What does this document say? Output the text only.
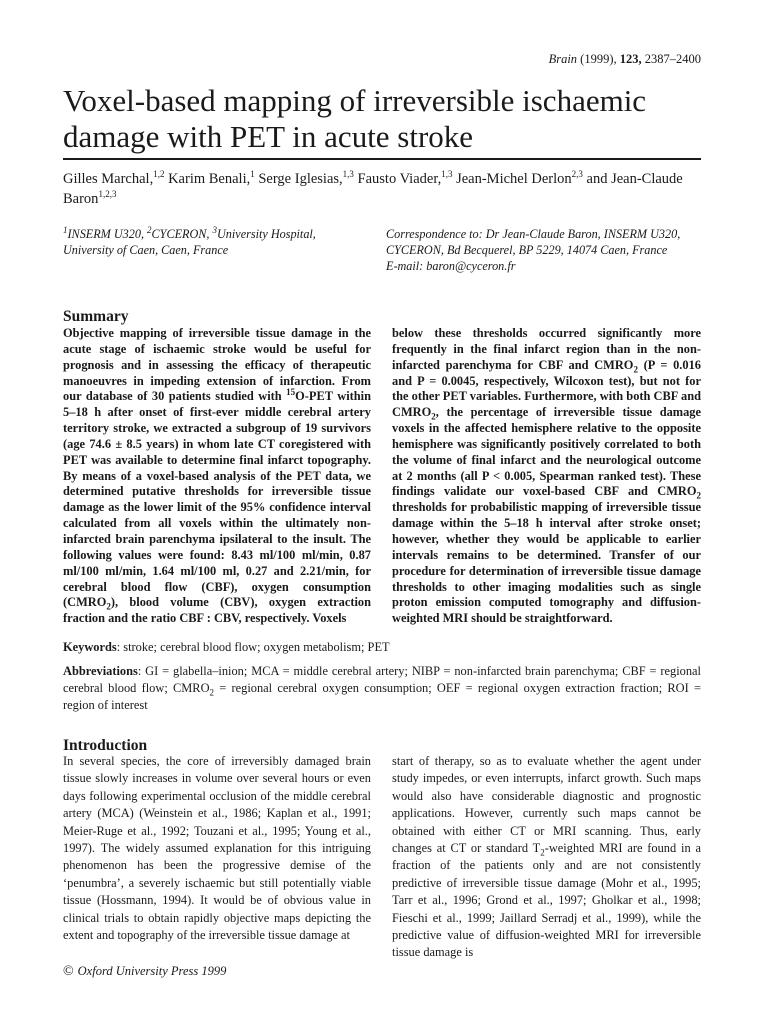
Brain (1999), 123, 2387–2400
Voxel-based mapping of irreversible ischaemic damage with PET in acute stroke
Gilles Marchal,$^{1,2}$ Karim Benali,$^1$ Serge Iglesias,$^{1,3}$ Fausto Viader,$^{1,3}$ Jean-Michel Derlon$^{2,3}$ and Jean-Claude Baron$^{1,2,3}$
$^1$INSERM U320, $^2$CYCERON, $^3$University Hospital, University of Caen, Caen, France
Correspondence to: Dr Jean-Claude Baron, INSERM U320, CYCERON, Bd Becquerel, BP 5229, 14074 Caen, France
E-mail: baron@cyceron.fr
Summary

Objective mapping of irreversible tissue damage in the acute stage of ischaemic stroke would be useful for prognosis and in assessing the efficacy of therapeutic manoeuvres in impeding extension of infarction. From our database of 30 patients studied with $^{15}$O-PET within 5–18 h after onset of first-ever middle cerebral artery territory stroke, we extracted a subgroup of 19 survivors (age 74.6 ± 8.5 years) in whom late CT coregistered with PET was available to determine final infarct topography. By means of a voxel-based analysis of the PET data, we determined putative thresholds for irreversible tissue damage as the lower limit of the 95% confidence interval calculated from all voxels within the ultimately non-infarcted brain parenchyma ipsilateral to the insult. The following values were found: 8.43 ml/100 ml/min, 0.87 ml/100 ml/min, 1.64 ml/100 ml, 0.27 and 2.21/min, for cerebral blood flow (CBF), oxygen consumption $(CMRO_2)$, blood volume (CBV), oxygen extraction fraction and the ratio CBF : CBV, respectively. Voxels

below these thresholds occurred significantly more frequently in the final infarct region than in the non-infarcted parenchyma for CBF and $CMRO_2$ (P = 0.016 and P = 0.0045, respectively, Wilcoxon test), but not for the other PET variables. Furthermore, with both CBF and $CMRO_2$, the percentage of irreversible tissue damage voxels in the affected hemisphere relative to the opposite hemisphere was significantly positively correlated to both the volume of final infarct and the neurological outcome at 2 months (all P < 0.005, Spearman ranked test). These findings validate our voxel-based CBF and $CMRO_2$ thresholds for probabilistic mapping of irreversible tissue damage within the 5–18 h interval after stroke onset; however, whether they would be applicable to earlier intervals remains to be determined. Transfer of our procedure for determination of irreversible tissue damage thresholds to other imaging modalities such as single proton emission computed tomography and diffusion-weighted MRI should be straightforward.

Keywords: stroke; cerebral blood flow; oxygen metabolism; PET
Abbreviations: GI = glabella–inion; MCA = middle cerebral artery; NIBP = non-infarcted brain parenchyma; CBF = regional cerebral blood flow; $CMRO_2$ = regional cerebral oxygen consumption; OEF = regional oxygen extraction fraction; ROI = region of interest
Introduction

In several species, the core of irreversibly damaged brain tissue slowly increases in volume over several hours or even days following experimental occlusion of the middle cerebral artery (MCA) (Weinstein et al., 1986; Kaplan et al., 1991; Meier-Ruge et al., 1992; Touzani et al., 1995; Young et al., 1997). The widely assumed explanation for this intriguing phenomenon has been the progressive demise of the ‘penumbra’, a severely ischaemic but still potentially viable tissue (Hossmann, 1994). It would be of obvious value in clinical trials to obtain rapidly objective maps depicting the extent and topography of the irreversible tissue damage at

start of therapy, so as to evaluate whether the agent under study impedes, or even interrupts, infarct growth. Such maps would also have considerable diagnostic and prognostic applications. However, currently such maps cannot be obtained with either CT or MRI scanning. Thus, early changes at CT or standard $T_2$-weighted MRI are found in a fraction of the patients only and are not consistently predictive of irreversible tissue damage (Mohr et al., 1995; Tarr et al., 1996; Grond et al., 1997; Gholkar et al., 1998; Fieschi et al., 1999; Jaillard Serradj et al., 1999), while the predictive value of diffusion-weighted MRI for irreversible tissue damage is

© Oxford University Press 1999
